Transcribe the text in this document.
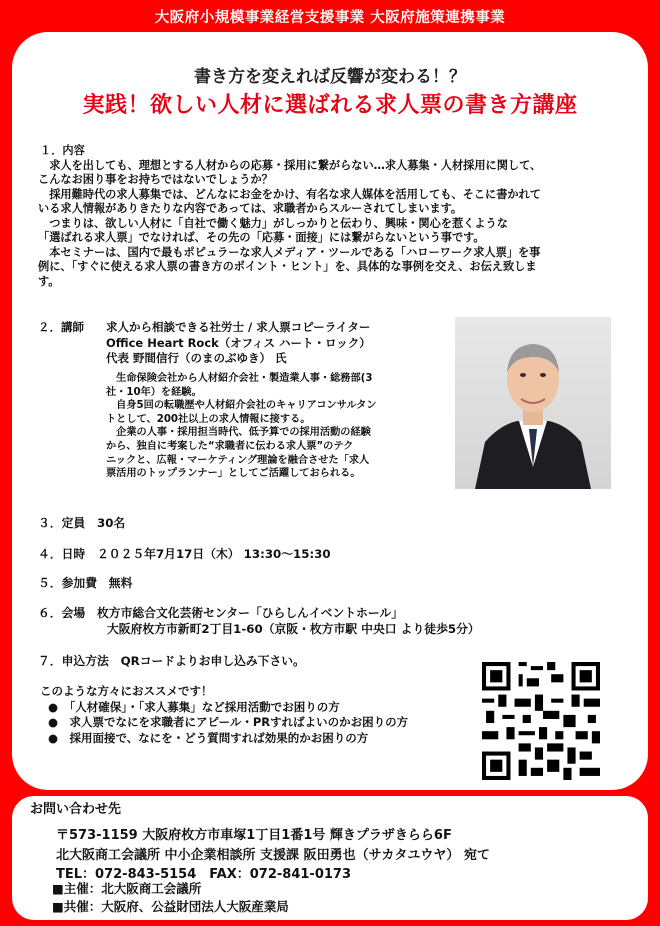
大阪府小規模事業経営支援事業 大阪府施策連携事業
書き方を変えれば反響が変わる！？
実践！欲しい人材に選ばれる求人票の書き方講座
１．内容

　求人を出しても、理想とする人材からの応募・採用に繋がらない…求人募集・人材採用に関して、

こんなお困り事をお持ちではないでしょうか？

　採用難時代の求人募集では、どんなにお金をかけ、有名な求人媒体を活用しても、そこに書かれて

いる求人情報がありきたりな内容であっては、求職者からスルーされてしまいます。

　つまりは、欲しい人材に「自社で働く魅力」がしっかりと伝わり、興味・関心を惹くような

「選ばれる求人票」でなければ、その先の「応募・面接」には繋がらないという事です。

　本セミナーは、国内で最もポピュラーな求人メディア・ツールである「ハローワーク求人票」を事

例に、「すぐに使える求人票の書き方のポイント・ヒント」を、具体的な事例を交え、お伝え致しま

す。

２．講師	求人から相談できる社労士 / 求人票コピーライター
Office Heart Rock（オフィス ハート・ロック）
代表 野間信行（のまのぶゆき） 氏
　生命保険会社から人材紹介会社・製造業人事・総務部(3
社・10年）を経験。
　自身5回の転職歴や人材紹介会社のキャリアコンサルタン
トとして、200社以上の求人情報に接する。
　企業の人事・採用担当時代、低予算での採用活動の経験
から、独自に考案した“求職者に伝わる求人票”のテク
ニックと、広報・マーケティング理論を融合させた「求人
票活用のトップランナー」としてご活躍しておられる。
３．定員　30名
４．日時　２０２５年7月17日（木） 13:30～15:30
５．参加費　無料
６．会場　枚方市総合文化芸術センター「ひらしんイベントホール」
大阪府枚方市新町2丁目1-60（京阪・枚方市駅 中央口 より徒歩5分）
７．申込方法　QRコードよりお申し込み下さい。
このような方々におススメです！
●　「人材確保」・「求人募集」など採用活動でお困りの方
●　求人票でなにを求職者にアピール・PRすればよいのかお困りの方
●　採用面接で、なにを・どう質問すれば効果的かお困りの方
お問い合わせ先
〒573-1159 大阪府枚方市車塚1丁目1番1号 輝きプラザきらら6F
北大阪商工会議所 中小企業相談所 支援課 阪田勇也（サカタユウヤ） 宛て
TEL：072-843-5154　FAX：072-841-0173
■主催：北大阪商工会議所
■共催：大阪府、公益財団法人大阪産業局
